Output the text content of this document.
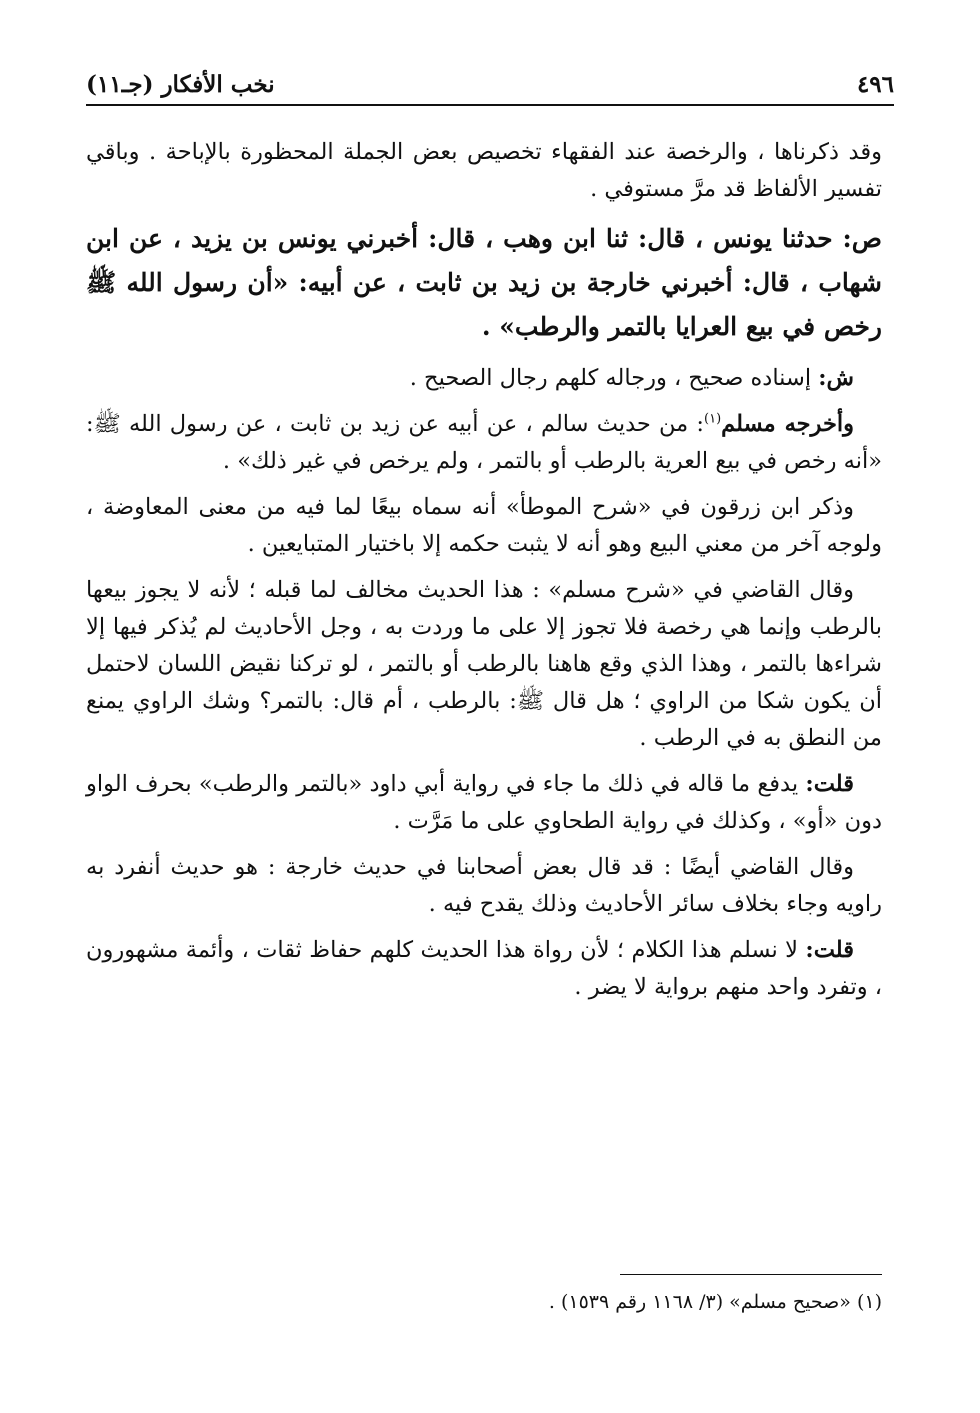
٤٩٦
نخب الأفكار (جـ١١)

وقد ذكرناها ، والرخصة عند الفقهاء تخصيص بعض الجملة المحظورة بالإباحة . وباقي تفسير الألفاظ قد مرَّ مستوفي .

ص: حدثنا يونس ، قال: ثنا ابن وهب ، قال: أخبرني يونس بن يزيد ، عن ابن شهاب ، قال: أخبرني خارجة بن زيد بن ثابت ، عن أبيه: «أن رسول الله ﷺ رخص في بيع العرايا بالتمر والرطب» .

ش: إسناده صحيح ، ورجاله كلهم رجال الصحيح .

وأخرجه مسلم$^{(١)}$: من حديث سالم ، عن أبيه عن زيد بن ثابت ، عن رسول الله ﷺ: «أنه رخص في بيع العرية بالرطب أو بالتمر ، ولم يرخص في غير ذلك» .

وذكر ابن زرقون في «شرح الموطأ» أنه سماه بيعًا لما فيه من معنى المعاوضة ، ولوجه آخر من معني البيع وهو أنه لا يثبت حكمه إلا باختيار المتبايعين .

وقال القاضي في «شرح مسلم» : هذا الحديث مخالف لما قبله ؛ لأنه لا يجوز بيعها بالرطب وإنما هي رخصة فلا تجوز إلا على ما وردت به ، وجل الأحاديث لم يُذكر فيها إلا شراءها بالتمر ، وهذا الذي وقع هاهنا بالرطب أو بالتمر ، لو تركنا نقيض اللسان لاحتمل أن يكون شكا من الراوي ؛ هل قال ﷺ: بالرطب ، أم قال: بالتمر؟ وشك الراوي يمنع من النطق به في الرطب .

قلت: يدفع ما قاله في ذلك ما جاء في رواية أبي داود «بالتمر والرطب» بحرف الواو دون «أو» ، وكذلك في رواية الطحاوي على ما مَرَّت .

وقال القاضي أيضًا : قد قال بعض أصحابنا في حديث خارجة : هو حديث أنفرد به راويه وجاء بخلاف سائر الأحاديث وذلك يقدح فيه .

قلت: لا نسلم هذا الكلام ؛ لأن رواة هذا الحديث كلهم حفاظ ثقات ، وأئمة مشهورون ، وتفرد واحد منهم برواية لا يضر .

(١) «صحيح مسلم» (٣/ ١١٦٨ رقم ١٥٣٩) .
